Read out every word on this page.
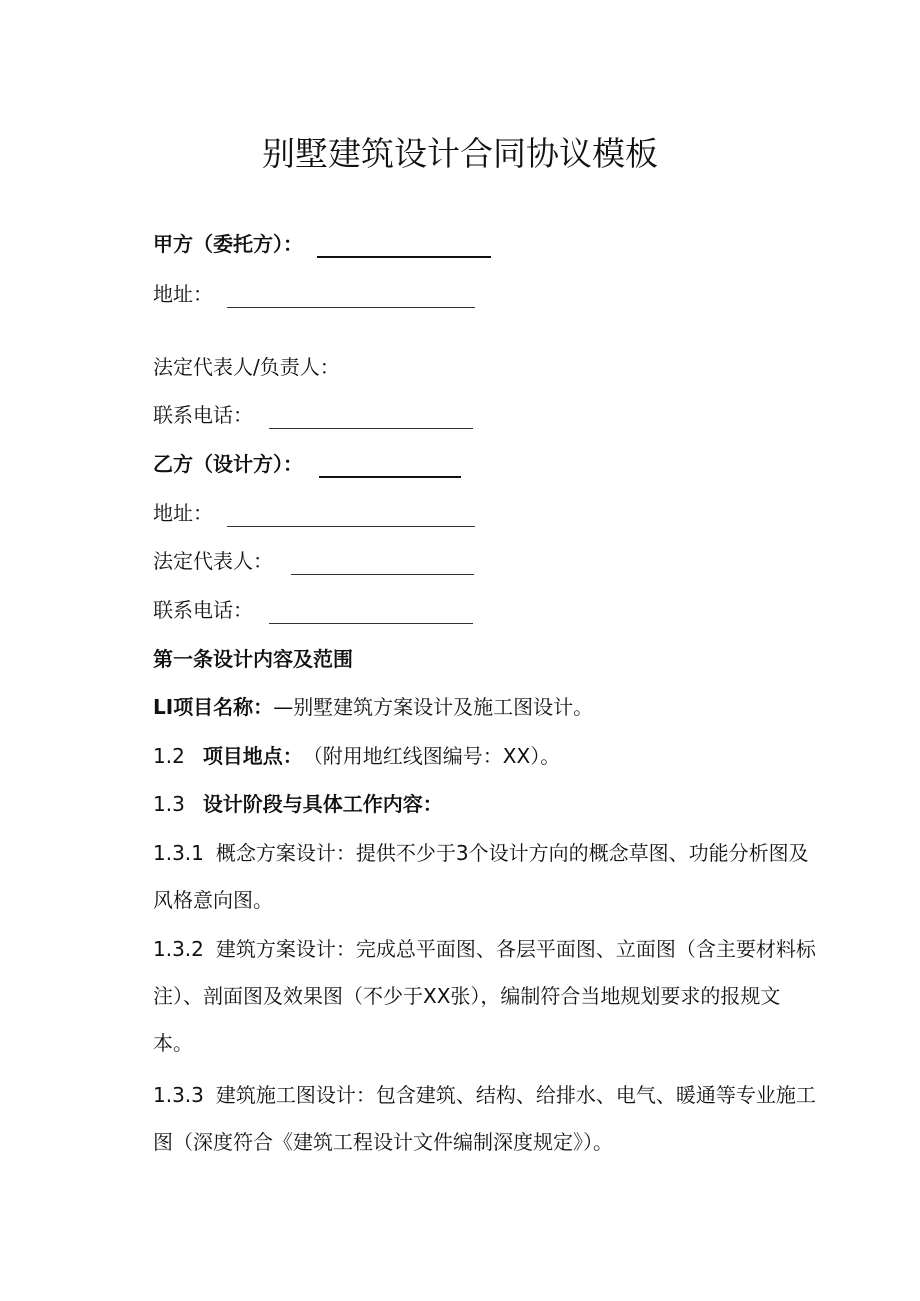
别墅建筑设计合同协议模板
甲方（委托方）：
地址：
法定代表人/负责人：
联系电话：
乙方（设计方）：
地址：
法定代表人：
联系电话：
第一条设计内容及范围
LI 项目名称： —别墅建筑方案设计及施工图设计。
1.2 项目地点： （附用地红线图编号：XX）。
1.3 设计阶段与具体工作内容：
1.3.1 概念方案设计：提供不少于3个设计方向的概念草图、功能分析图及风格意向图。
1.3.2 建筑方案设计：完成总平面图、各层平面图、立面图（含主要材料标注）、剖面图及效果图（不少于XX张），编制符合当地规划要求的报规文本。
1.3.3 建筑施工图设计：包含建筑、结构、给排水、电气、暖通等专业施工图（深度符合《建筑工程设计文件编制深度规定》）。
